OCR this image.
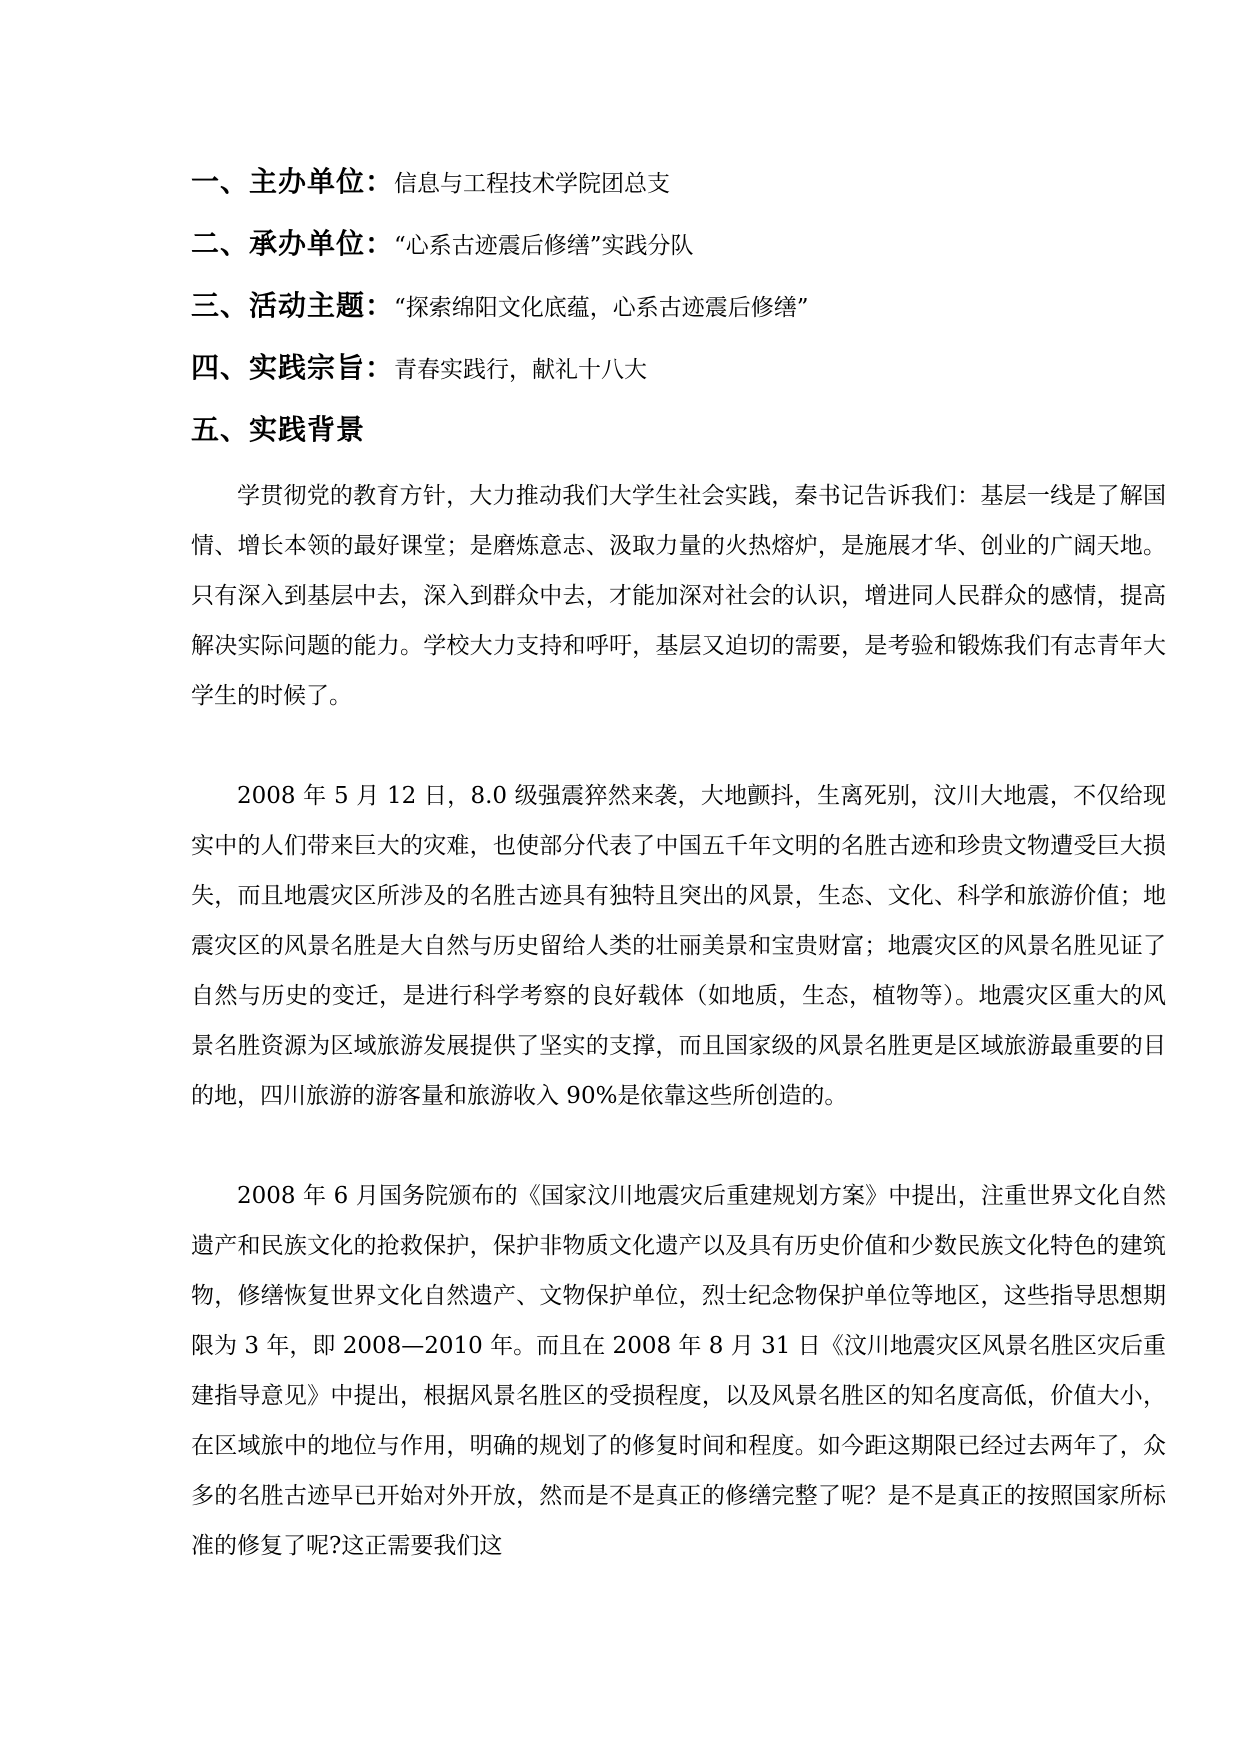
一、主办单位：信息与工程技术学院团总支
二、承办单位：“心系古迹震后修缮”实践分队
三、活动主题：“探索绵阳文化底蕴，心系古迹震后修缮”
四、实践宗旨：青春实践行，献礼十八大
五、实践背景

学贯彻党的教育方针，大力推动我们大学生社会实践，秦书记告诉我们：基层一线是了解国情、增长本领的最好课堂；是磨炼意志、汲取力量的火热熔炉，是施展才华、创业的广阔天地。只有深入到基层中去，深入到群众中去，才能加深对社会的认识，增进同人民群众的感情，提高解决实际问题的能力。学校大力支持和呼吁，基层又迫切的需要，是考验和锻炼我们有志青年大学生的时候了。

2008 年 5 月 12 日，8.0 级强震猝然来袭，大地颤抖，生离死别，汶川大地震，不仅给现实中的人们带来巨大的灾难，也使部分代表了中国五千年文明的名胜古迹和珍贵文物遭受巨大损失，而且地震灾区所涉及的名胜古迹具有独特且突出的风景，生态、文化、科学和旅游价值；地震灾区的风景名胜是大自然与历史留给人类的壮丽美景和宝贵财富；地震灾区的风景名胜见证了自然与历史的变迁，是进行科学考察的良好载体（如地质，生态，植物等）。地震灾区重大的风景名胜资源为区域旅游发展提供了坚实的支撑，而且国家级的风景名胜更是区域旅游最重要的目的地，四川旅游的游客量和旅游收入 90%是依靠这些所创造的。

2008 年 6 月国务院颁布的《国家汶川地震灾后重建规划方案》中提出，注重世界文化自然遗产和民族文化的抢救保护，保护非物质文化遗产以及具有历史价值和少数民族文化特色的建筑物，修缮恢复世界文化自然遗产、文物保护单位，烈士纪念物保护单位等地区，这些指导思想期限为 3 年，即 2008—2010 年。而且在 2008 年 8 月 31 日《汶川地震灾区风景名胜区灾后重建指导意见》中提出，根据风景名胜区的受损程度，以及风景名胜区的知名度高低，价值大小，在区域旅中的地位与作用，明确的规划了的修复时间和程度。如今距这期限已经过去两年了，众多的名胜古迹早已开始对外开放，然而是不是真正的修缮完整了呢？是不是真正的按照国家所标准的修复了呢?这正需要我们这
